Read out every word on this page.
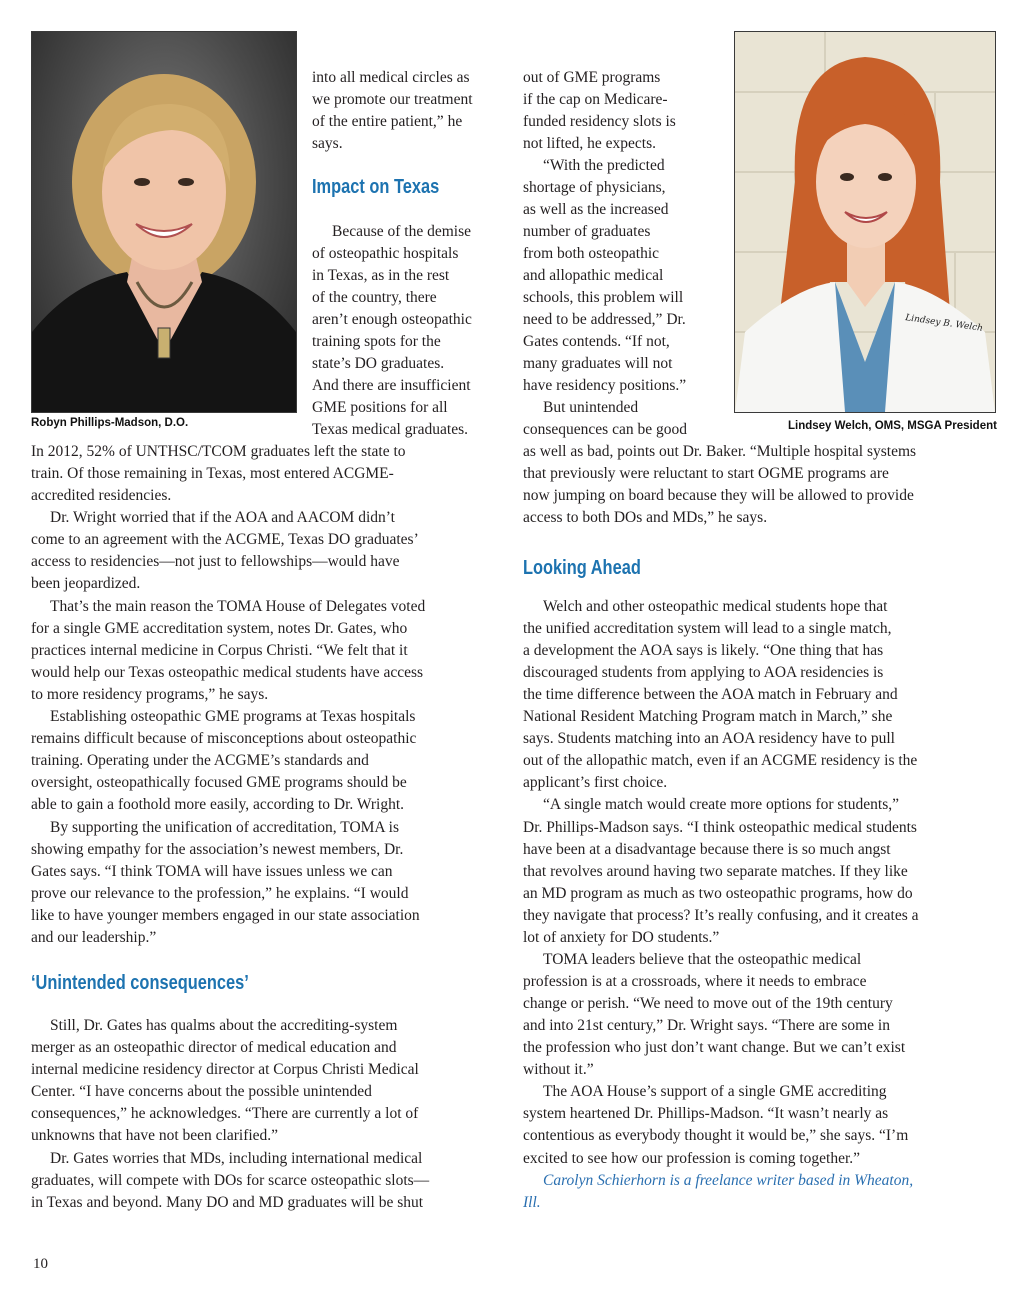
Robyn Phillips-Madson, D.O.
Lindsey B. Welch
Lindsey Welch, OMS, MSGA President
into all medical circles as
we promote our treatment
of the entire patient,” he
says.
Impact on Texas
Because of the demise
of osteopathic hospitals
in Texas, as in the rest
of the country, there
aren’t enough osteopathic
training spots for the
state’s DO graduates.
And there are insufficient
GME positions for all
Texas medical graduates.
In 2012, 52% of UNTHSC/TCOM graduates left the state to
train. Of those remaining in Texas, most entered ACGME-
accredited residencies.
Dr. Wright worried that if the AOA and AACOM didn’t
come to an agreement with the ACGME, Texas DO graduates’
access to residencies—not just to fellowships—would have
been jeopardized.
That’s the main reason the TOMA House of Delegates voted
for a single GME accreditation system, notes Dr. Gates, who
practices internal medicine in Corpus Christi. “We felt that it
would help our Texas osteopathic medical students have access
to more residency programs,” he says.
Establishing osteopathic GME programs at Texas hospitals
remains difficult because of misconceptions about osteopathic
training. Operating under the ACGME’s standards and
oversight, osteopathically focused GME programs should be
able to gain a foothold more easily, according to Dr. Wright.
By supporting the unification of accreditation, TOMA is
showing empathy for the association’s newest members, Dr.
Gates says. “I think TOMA will have issues unless we can
prove our relevance to the profession,” he explains. “I would
like to have younger members engaged in our state association
and our leadership.”
‘Unintended consequences’
Still, Dr. Gates has qualms about the accrediting-system
merger as an osteopathic director of medical education and
internal medicine residency director at Corpus Christi Medical
Center. “I have concerns about the possible unintended
consequences,” he acknowledges. “There are currently a lot of
unknowns that have not been clarified.”
Dr. Gates worries that MDs, including international medical
graduates, will compete with DOs for scarce osteopathic slots—
in Texas and beyond. Many DO and MD graduates will be shut
out of GME programs
if the cap on Medicare-
funded residency slots is
not lifted, he expects.
“With the predicted
shortage of physicians,
as well as the increased
number of graduates
from both osteopathic
and allopathic medical
schools, this problem will
need to be addressed,” Dr.
Gates contends. “If not,
many graduates will not
have residency positions.”
But unintended
consequences can be good
as well as bad, points out Dr. Baker. “Multiple hospital systems
that previously were reluctant to start OGME programs are
now jumping on board because they will be allowed to provide
access to both DOs and MDs,” he says.
Looking Ahead
Welch and other osteopathic medical students hope that
the unified accreditation system will lead to a single match,
a development the AOA says is likely. “One thing that has
discouraged students from applying to AOA residencies is
the time difference between the AOA match in February and
National Resident Matching Program match in March,” she
says. Students matching into an AOA residency have to pull
out of the allopathic match, even if an ACGME residency is the
applicant’s first choice.
“A single match would create more options for students,”
Dr. Phillips-Madson says. “I think osteopathic medical students
have been at a disadvantage because there is so much angst
that revolves around having two separate matches. If they like
an MD program as much as two osteopathic programs, how do
they navigate that process? It’s really confusing, and it creates a
lot of anxiety for DO students.”
TOMA leaders believe that the osteopathic medical
profession is at a crossroads, where it needs to embrace
change or perish. “We need to move out of the 19th century
and into 21st century,” Dr. Wright says. “There are some in
the profession who just don’t want change. But we can’t exist
without it.”
The AOA House’s support of a single GME accrediting
system heartened Dr. Phillips-Madson. “It wasn’t nearly as
contentious as everybody thought it would be,” she says. “I’m
excited to see how our profession is coming together.”
Carolyn Schierhorn is a freelance writer based in Wheaton,
Ill.
10
